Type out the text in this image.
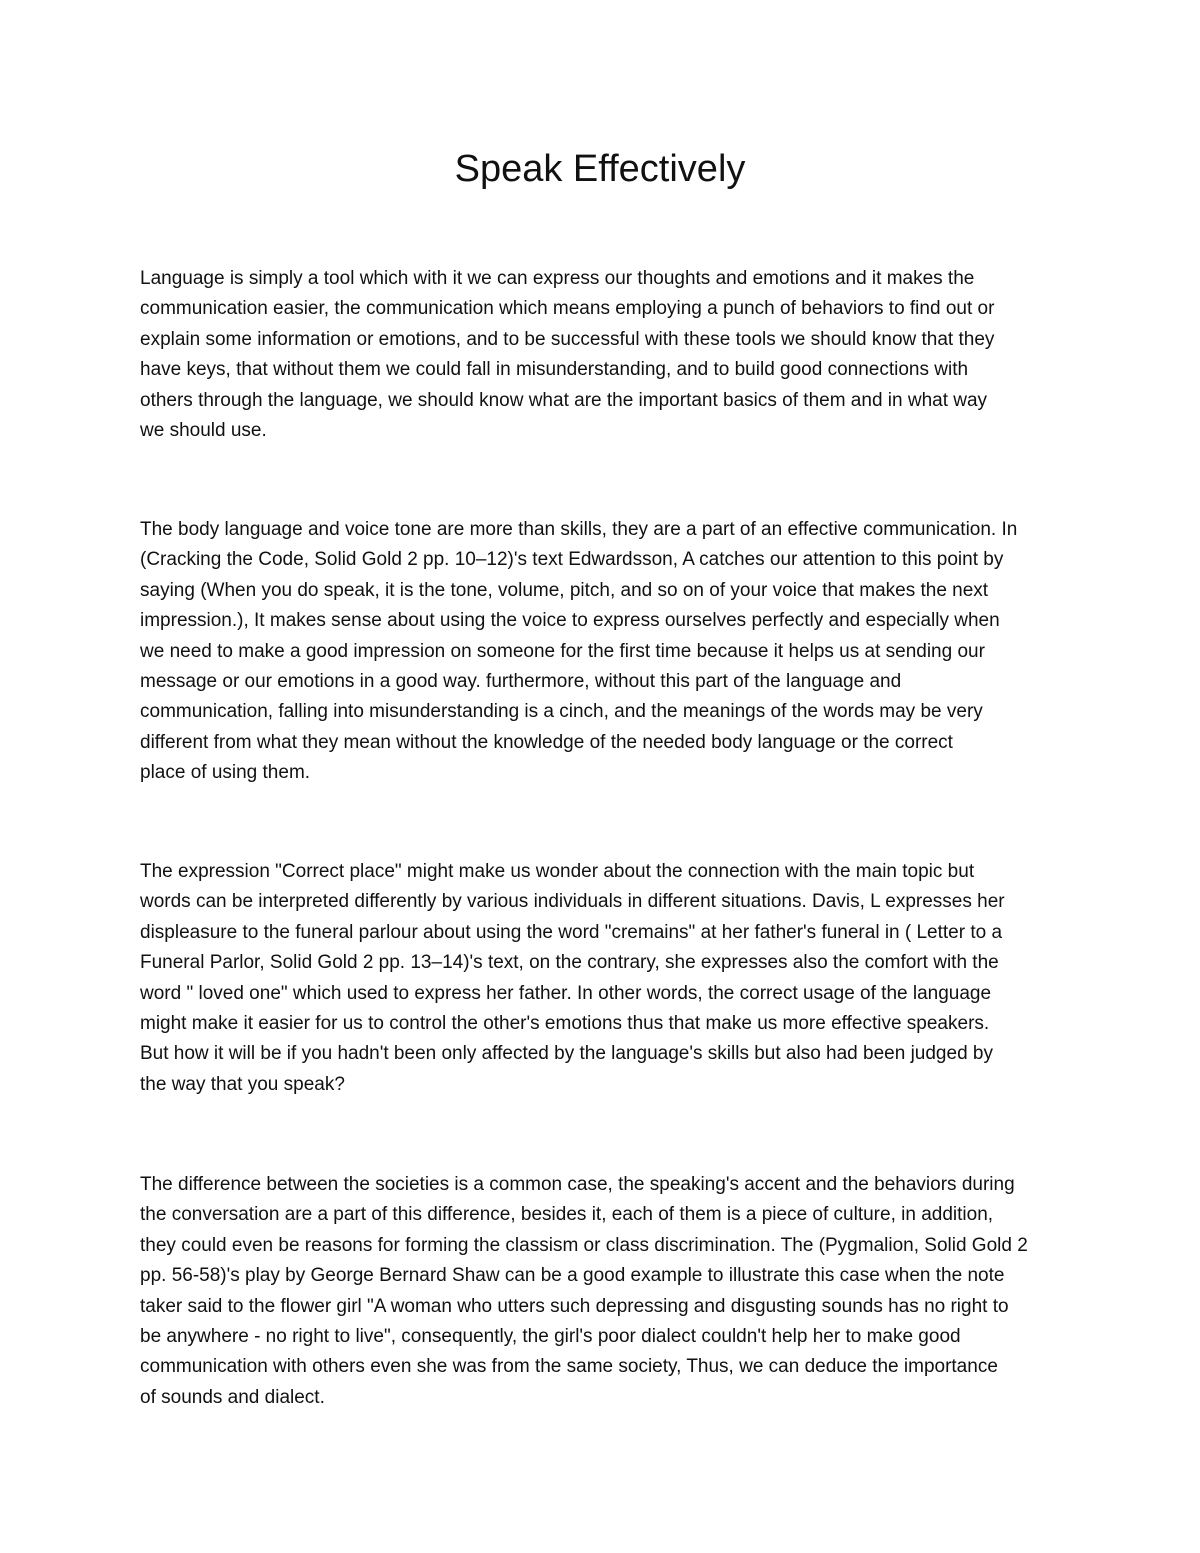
Speak Effectively

Language is simply a tool which with it we can express our thoughts and emotions and it makes the
communication easier, the communication which means employing a punch of behaviors to find out or
explain some information or emotions, and to be successful with these tools we should know that they
have keys, that without them we could fall in misunderstanding, and to build good connections with
others through the language, we should know what are the important basics of them and in what way
we should use.

The body language and voice tone are more than skills, they are a part of an effective communication. In
(Cracking the Code, Solid Gold 2 pp. 10–12)'s text Edwardsson, A catches our attention to this point by
saying (When you do speak, it is the tone, volume, pitch, and so on of your voice that makes the next
impression.), It makes sense about using the voice to express ourselves perfectly and especially when
we need to make a good impression on someone for the first time because it helps us at sending our
message or our emotions in a good way. furthermore, without this part of the language and
communication, falling into misunderstanding is a cinch, and the meanings of the words may be very
different from what they mean without the knowledge of the needed body language or the correct
place of using them.

The expression "Correct place" might make us wonder about the connection with the main topic but
words can be interpreted differently by various individuals in different situations. Davis, L expresses her
displeasure to the funeral parlour about using the word "cremains" at her father's funeral in ( Letter to a
Funeral Parlor, Solid Gold 2 pp. 13–14)'s text, on the contrary, she expresses also the comfort with the
word " loved one" which used to express her father. In other words, the correct usage of the language
might make it easier for us to control the other's emotions thus that make us more effective speakers.
But how it will be if you hadn't been only affected by the language's skills but also had been judged by
the way that you speak?

The difference between the societies is a common case, the speaking's accent and the behaviors during
the conversation are a part of this difference, besides it, each of them is a piece of culture, in addition,
they could even be reasons for forming the classism or class discrimination. The (Pygmalion, Solid Gold 2
pp. 56-58)'s play by George Bernard Shaw can be a good example to illustrate this case when the note
taker said to the flower girl "A woman who utters such depressing and disgusting sounds has no right to
be anywhere - no right to live", consequently, the girl's poor dialect couldn't help her to make good
communication with others even she was from the same society, Thus, we can deduce the importance
of sounds and dialect.
